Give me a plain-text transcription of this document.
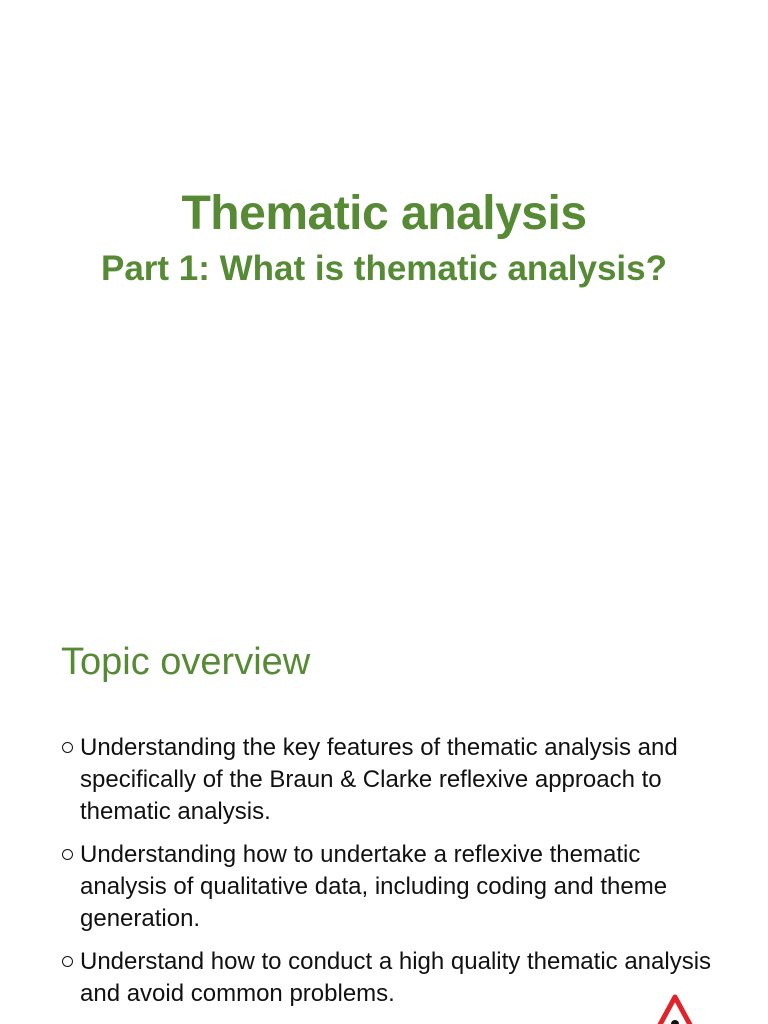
Thematic analysis
Part 1: What is thematic analysis?
Topic overview
Understanding the key features of thematic analysis and specifically of the Braun & Clarke reflexive approach to thematic analysis.
Understanding how to undertake a reflexive thematic analysis of qualitative data, including coding and theme generation.
Understand how to conduct a high quality thematic analysis and avoid common problems.
